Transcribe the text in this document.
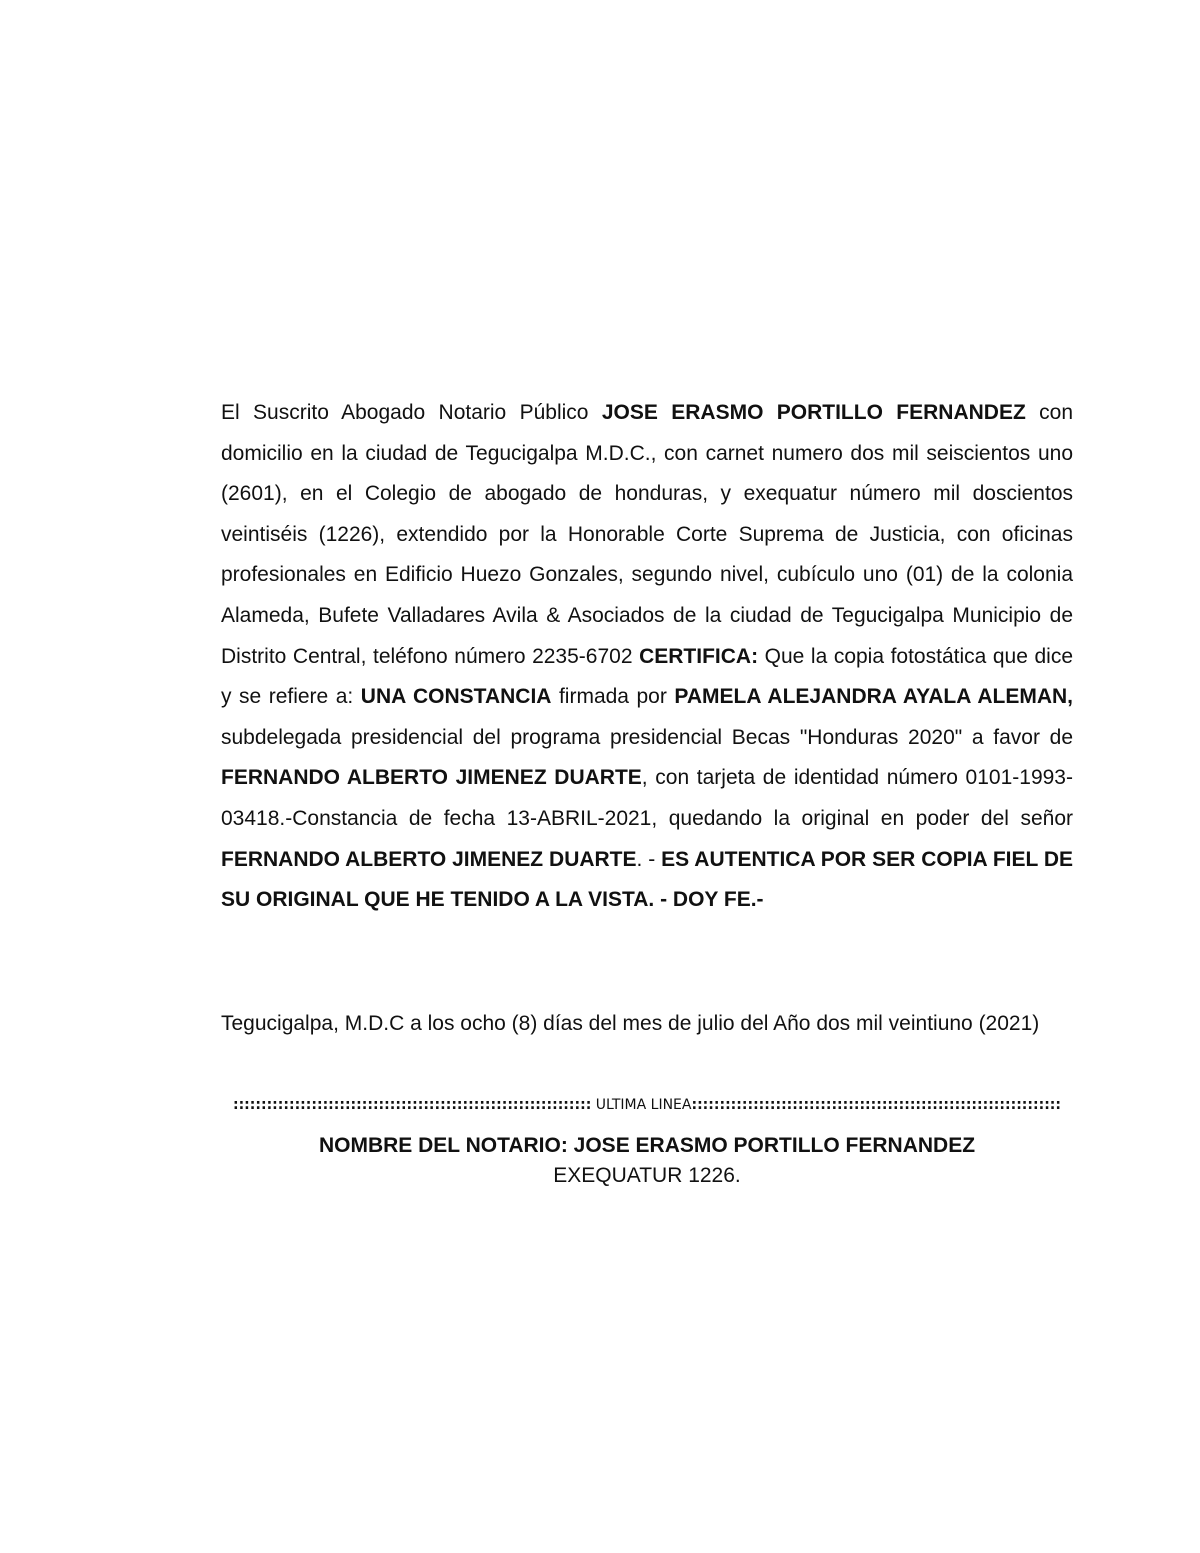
El Suscrito Abogado Notario Público JOSE ERASMO PORTILLO FERNANDEZ con domicilio en la ciudad de Tegucigalpa M.D.C., con carnet numero dos mil seiscientos uno (2601), en el Colegio de abogado de honduras, y exequatur número mil doscientos veintiséis (1226), extendido por la Honorable Corte Suprema de Justicia, con oficinas profesionales en Edificio Huezo Gonzales, segundo nivel, cubículo uno (01) de la colonia Alameda, Bufete Valladares Avila & Asociados de la ciudad de Tegucigalpa Municipio de Distrito Central, teléfono número 2235-6702 CERTIFICA: Que la copia fotostática que dice y se refiere a: UNA CONSTANCIA firmada por PAMELA ALEJANDRA AYALA ALEMAN, subdelegada presidencial del programa presidencial Becas "Honduras 2020" a favor de FERNANDO ALBERTO JIMENEZ DUARTE, con tarjeta de identidad número 0101-1993-03418.-Constancia de fecha 13-ABRIL-2021, quedando la original en poder del señor FERNANDO ALBERTO JIMENEZ DUARTE. - ES AUTENTICA POR SER COPIA FIEL DE SU ORIGINAL QUE HE TENIDO A LA VISTA. - DOY FE.-
Tegucigalpa, M.D.C a los ocho (8) días del mes de julio del Año dos mil veintiuno (2021)
:::::::::::::::::::::::::::::::::::::::::::::::::::::::::::::::: ULTIMA LINEA::::::::::::::::::::::::::::::::::::::::::::::::::::::::::::::::::
NOMBRE DEL NOTARIO: JOSE ERASMO PORTILLO FERNANDEZ
EXEQUATUR 1226.
